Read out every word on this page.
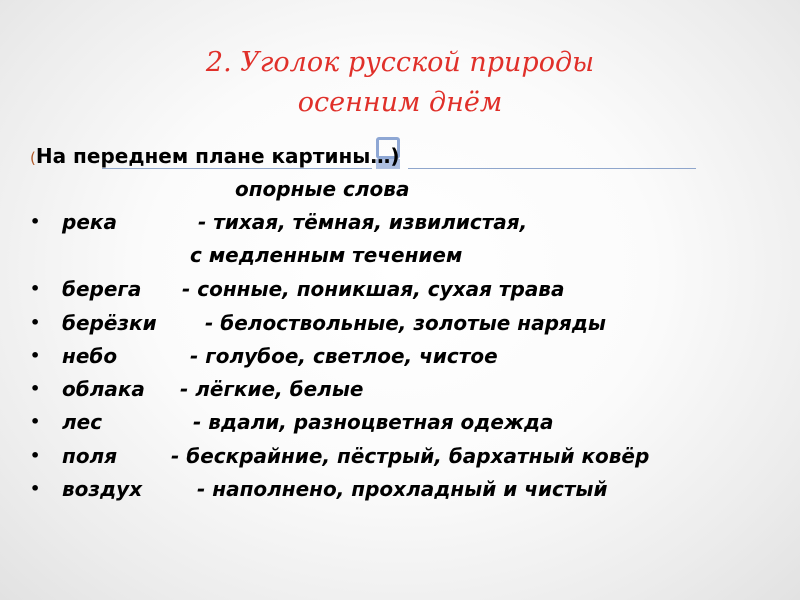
2. Уголок русской природы
осенним днём
(На переднем плане картины…)
опорные слова
• река	- тихая, тёмная, извилистая,
с медленным течением
• берега - сонные, поникшая, сухая трава
• берёзки - белоствольные, золотые наряды
• небо	- голубое, светлое, чистое
• облака - лёгкие, белые
• лес	- вдали, разноцветная одежда
• поля	- бескрайние, пёстрый, бархатный ковёр
• воздух	- наполнено, прохладный и чистый
